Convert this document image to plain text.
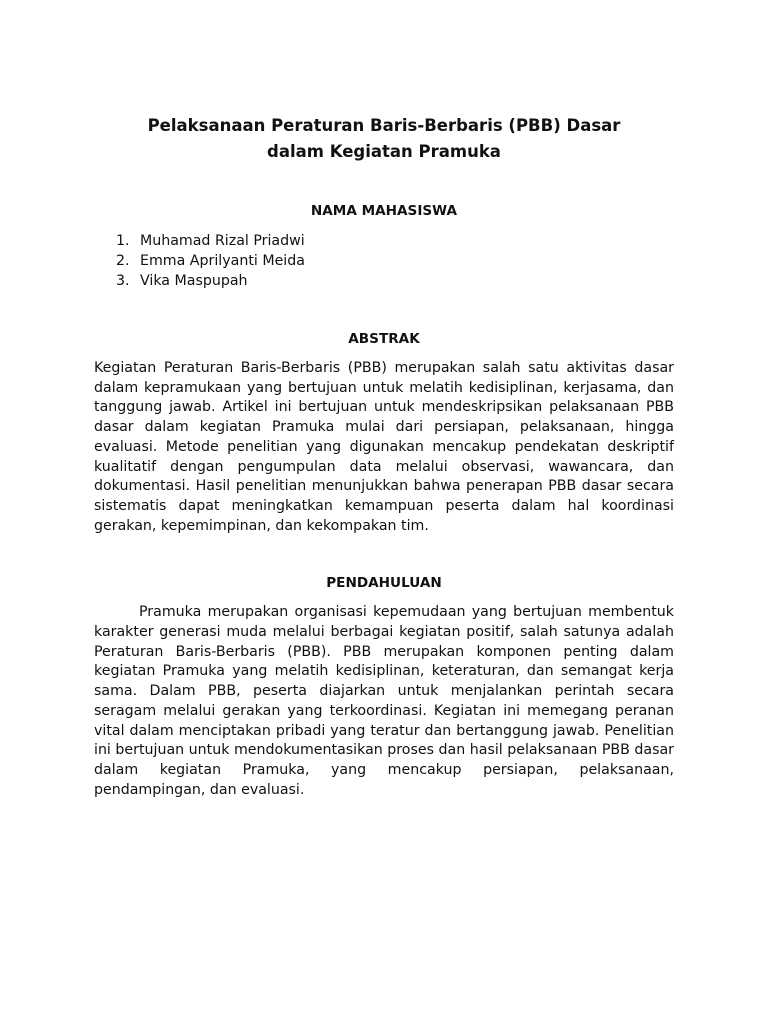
Pelaksanaan Peraturan Baris-Berbaris (PBB) Dasar
dalam Kegiatan Pramuka
NAMA MAHASISWA
1. Muhamad Rizal Priadwi
2. Emma Aprilyanti Meida
3. Vika Maspupah
ABSTRAK

Kegiatan Peraturan Baris-Berbaris (PBB) merupakan salah satu aktivitas dasar dalam kepramukaan yang bertujuan untuk melatih kedisiplinan, kerjasama, dan tanggung jawab. Artikel ini bertujuan untuk mendeskripsikan pelaksanaan PBB dasar dalam kegiatan Pramuka mulai dari persiapan, pelaksanaan, hingga evaluasi. Metode penelitian yang digunakan mencakup pendekatan deskriptif kualitatif dengan pengumpulan data melalui observasi, wawancara, dan dokumentasi. Hasil penelitian menunjukkan bahwa penerapan PBB dasar secara sistematis dapat meningkatkan kemampuan peserta dalam hal koordinasi gerakan, kepemimpinan, dan kekompakan tim.

PENDAHULUAN

Pramuka merupakan organisasi kepemudaan yang bertujuan membentuk karakter generasi muda melalui berbagai kegiatan positif, salah satunya adalah Peraturan Baris-Berbaris (PBB). PBB merupakan komponen penting dalam kegiatan Pramuka yang melatih kedisiplinan, keteraturan, dan semangat kerja sama. Dalam PBB, peserta diajarkan untuk menjalankan perintah secara seragam melalui gerakan yang terkoordinasi. Kegiatan ini memegang peranan vital dalam menciptakan pribadi yang teratur dan bertanggung jawab. Penelitian ini bertujuan untuk mendokumentasikan proses dan hasil pelaksanaan PBB dasar dalam kegiatan Pramuka, yang mencakup persiapan, pelaksanaan, pendampingan, dan evaluasi.
